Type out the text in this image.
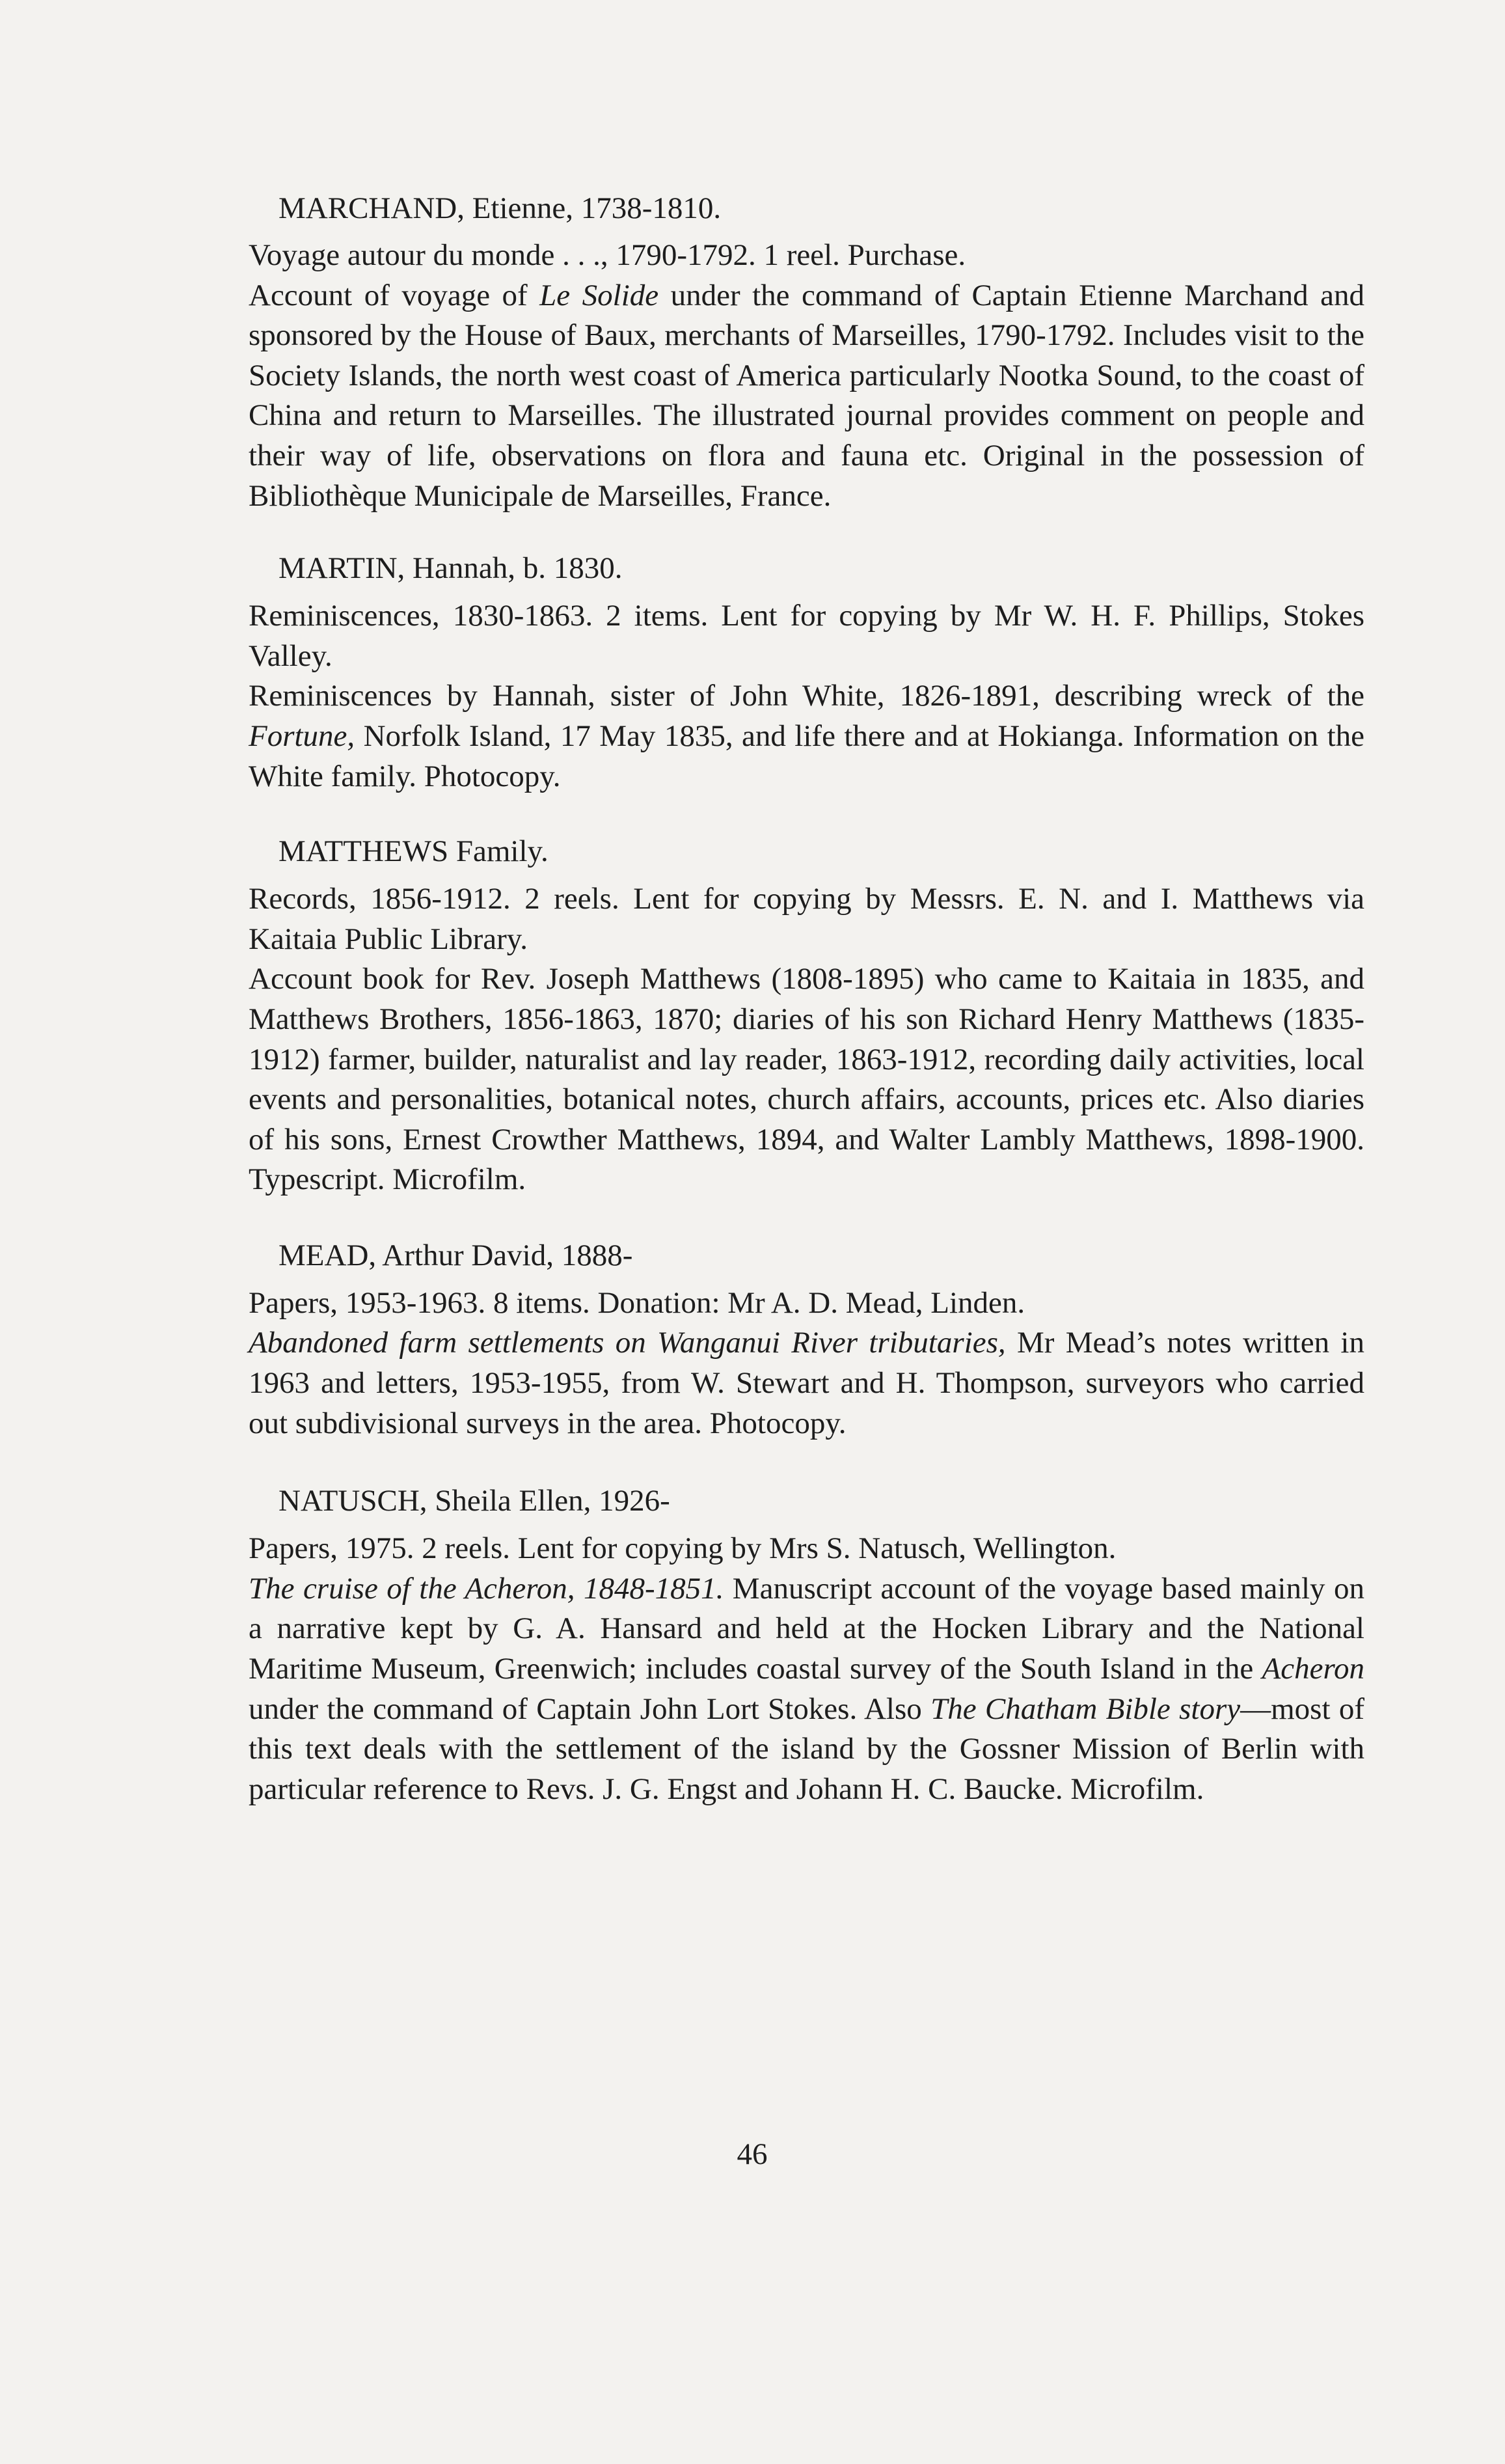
MARCHAND, Etienne, 1738-1810.

Voyage autour du monde . . ., 1790-1792. 1 reel. Purchase.

Account of voyage of Le Solide under the command of Captain Etienne Marchand and sponsored by the House of Baux, merchants of Marseilles, 1790-1792. Includes visit to the Society Islands, the north west coast of America particularly Nootka Sound, to the coast of China and return to Marseilles. The illustrated journal provides comment on people and their way of life, observations on flora and fauna etc. Original in the possession of Bibliothèque Municipale de Marseilles, France.

MARTIN, Hannah, b. 1830.

Reminiscences, 1830-1863. 2 items. Lent for copying by Mr W. H. F. Phillips, Stokes Valley.

Reminiscences by Hannah, sister of John White, 1826-1891, describing wreck of the Fortune, Norfolk Island, 17 May 1835, and life there and at Hokianga. Information on the White family. Photocopy.

MATTHEWS Family.

Records, 1856-1912. 2 reels. Lent for copying by Messrs. E. N. and I. Matthews via Kaitaia Public Library.

Account book for Rev. Joseph Matthews (1808-1895) who came to Kaitaia in 1835, and Matthews Brothers, 1856-1863, 1870; diaries of his son Richard Henry Matthews (1835-1912) farmer, builder, naturalist and lay reader, 1863-1912, recording daily activities, local events and personalities, botanical notes, church affairs, accounts, prices etc. Also diaries of his sons, Ernest Crowther Matthews, 1894, and Walter Lambly Matthews, 1898-1900. Typescript. Microfilm.

MEAD, Arthur David, 1888-

Papers, 1953-1963. 8 items. Donation: Mr A. D. Mead, Linden.

Abandoned farm settlements on Wanganui River tributaries, Mr Mead’s notes written in 1963 and letters, 1953-1955, from W. Stewart and H. Thompson, surveyors who carried out subdivisional surveys in the area. Photocopy.

NATUSCH, Sheila Ellen, 1926-

Papers, 1975. 2 reels. Lent for copying by Mrs S. Natusch, Wellington.

The cruise of the Acheron, 1848-1851. Manuscript account of the voyage based mainly on a narrative kept by G. A. Hansard and held at the Hocken Library and the National Maritime Museum, Greenwich; includes coastal survey of the South Island in the Acheron under the command of Captain John Lort Stokes. Also The Chatham Bible story—most of this text deals with the settlement of the island by the Gossner Mission of Berlin with particular reference to Revs. J. G. Engst and Johann H. C. Baucke. Microfilm.

46
